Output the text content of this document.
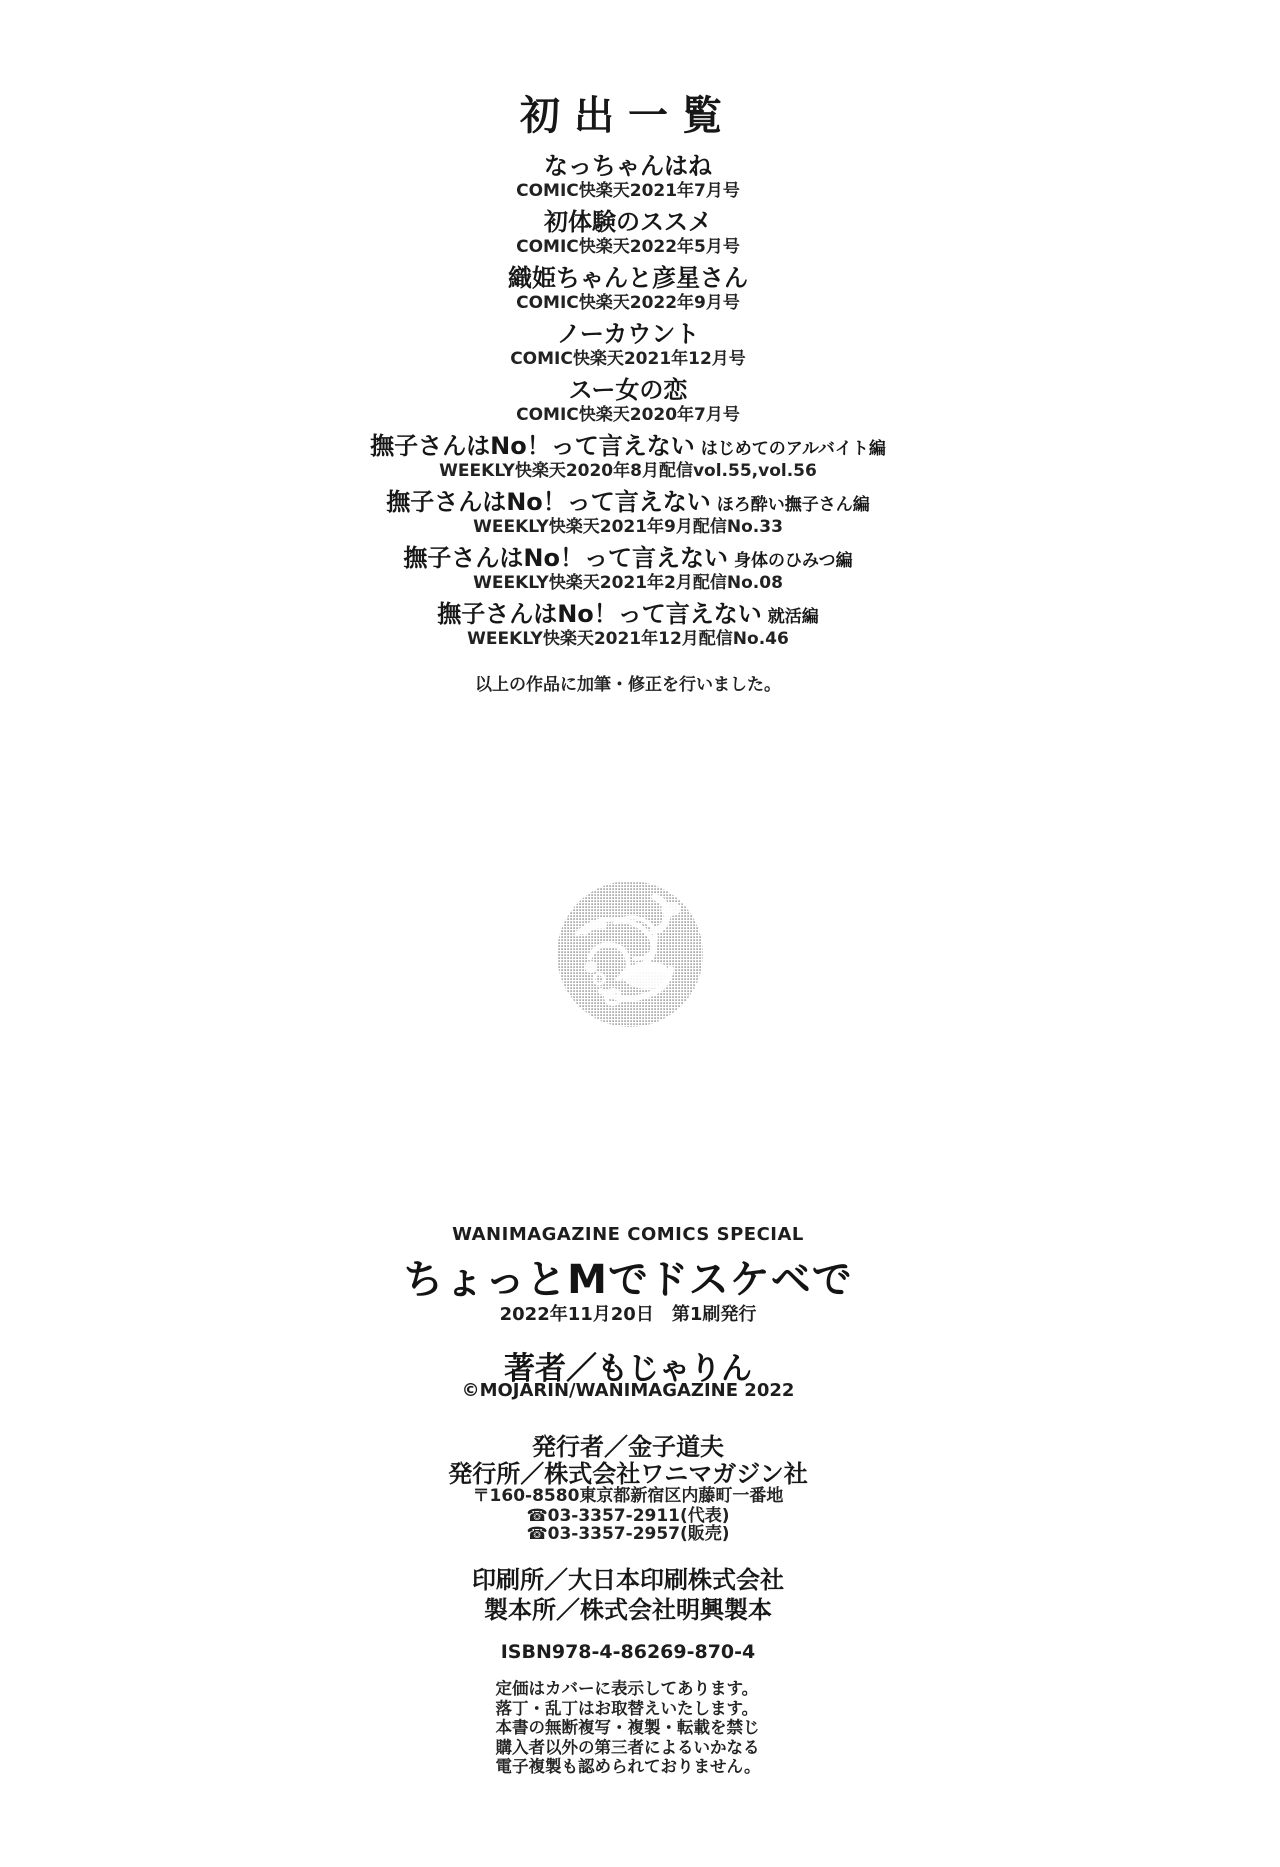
初出一覧
なっちゃんはね
COMIC快楽天2021年7月号
初体験のススメ
COMIC快楽天2022年5月号
織姫ちゃんと彦星さん
COMIC快楽天2022年9月号
ノーカウント
COMIC快楽天2021年12月号
スー女の恋
COMIC快楽天2020年7月号
撫子さんはNo！って言えない はじめてのアルバイト編
WEEKLY快楽天2020年8月配信vol.55,vol.56
撫子さんはNo！って言えない ほろ酔い撫子さん編
WEEKLY快楽天2021年9月配信No.33
撫子さんはNo！って言えない 身体のひみつ編
WEEKLY快楽天2021年2月配信No.08
撫子さんはNo！って言えない 就活編
WEEKLY快楽天2021年12月配信No.46
以上の作品に加筆・修正を行いました。
WANIMAGAZINE COMICS SPECIAL
ちょっとMでドスケベで
2022年11月20日　第1刷発行
著者／もじゃりん
©MOJARIN/WANIMAGAZINE 2022
発行者／金子道夫
発行所／株式会社ワニマガジン社
〒160-8580東京都新宿区内藤町一番地
☎03-3357-2911(代表)
☎03-3357-2957(販売)
印刷所／大日本印刷株式会社
製本所／株式会社明興製本
ISBN978-4-86269-870-4
定価はカバーに表示してあります。
落丁・乱丁はお取替えいたします。
本書の無断複写・複製・転載を禁じ
購入者以外の第三者によるいかなる
電子複製も認められておりません。
